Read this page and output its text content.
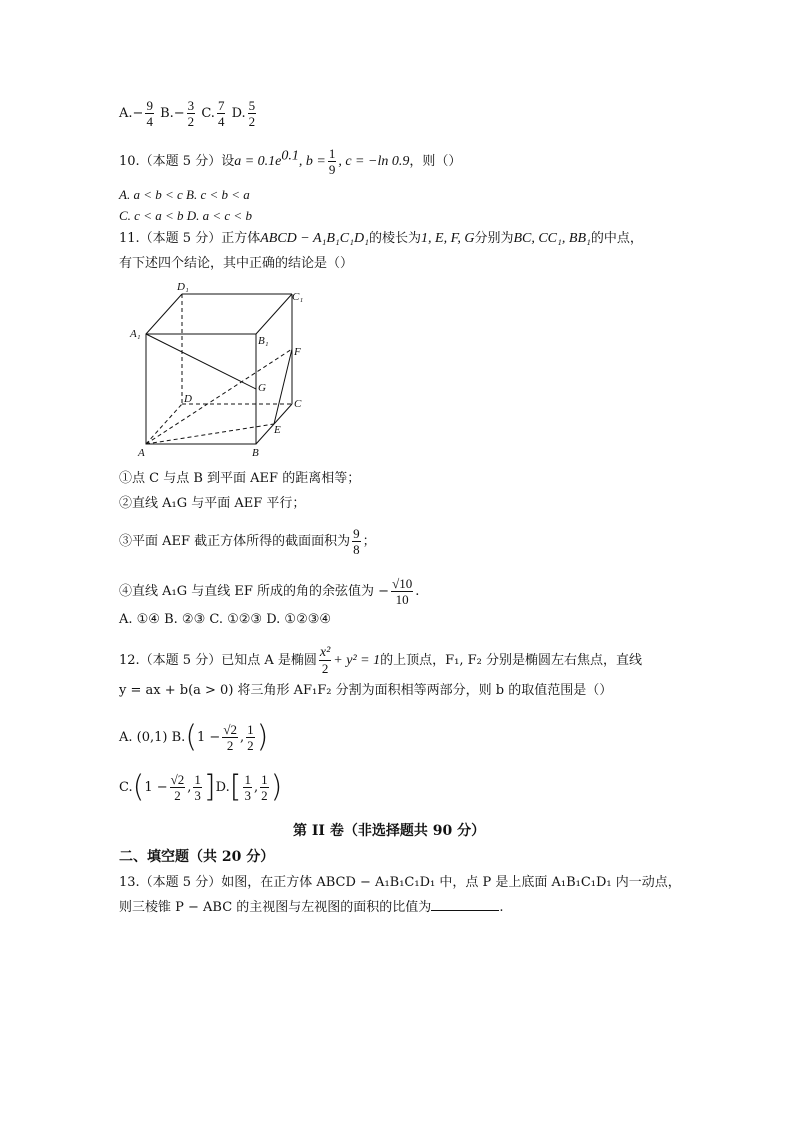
$A.- \frac{9}{4} B.- \frac{3}{2} C$. $\frac{7}{4} D$. $\frac{5}{2}$
10.（本题 5 分）设$a = 0.1e^{0.1}$, $b = \frac{1}{9}$ , c = −ln 0.9，则（）
A. a < b < c B. c < b < a
C. c < a < b D. a < c < b
11.（本题 5 分）正方体ABCD − A₁B₁C₁D₁的棱长为1, E, F, G分别为BC, CC₁, BB₁的中点，
有下述四个结论，其中正确的结论是（）
D₁
C₁
A₁
B₁
F
G
D	C
E
A	B
①点 C 与点 B 到平面 AEF 的距离相等；
②直线 A₁G 与平面 AEF 平行；
③平面 AEF 截正方体所得的截面面积为 $\frac{9}{8}$ ；
④直线 A₁G 与直线 EF 所成的角的余弦值为 − $\frac{√10}{10}$ .
A. ①④ B. ②③ C. ①②③ D. ①②③④
12.（本题 5 分）已知点 A 是椭圆 $\frac{\text{x²}}{2} + y^2 = 1$的上顶点，F₁, F₂ 分别是椭圆左右焦点，直线
y = ax + b(a > 0) 将三角形 AF₁F₂ 分割为面积相等两部分，则 b 的取值范围是（）
A. (0,1) $B.(1 - \frac{√2}{2}$ , $\frac{1}{2}$ )
$C.(1 - \frac{√2}{2}$ , $\frac{1}{3} ]D.[ \frac{1}{3}$ , $\frac{1}{2}$ )
第 II 卷（非选择题共 90 分）
二、填空题（共 20 分）
13.（本题 5 分）如图，在正方体 ABCD − A₁B₁C₁D₁ 中，点 P 是上底面 A₁B₁C₁D₁ 内一动点，
则三棱锥 P − ABC 的主视图与左视图的面积的比值为	.
